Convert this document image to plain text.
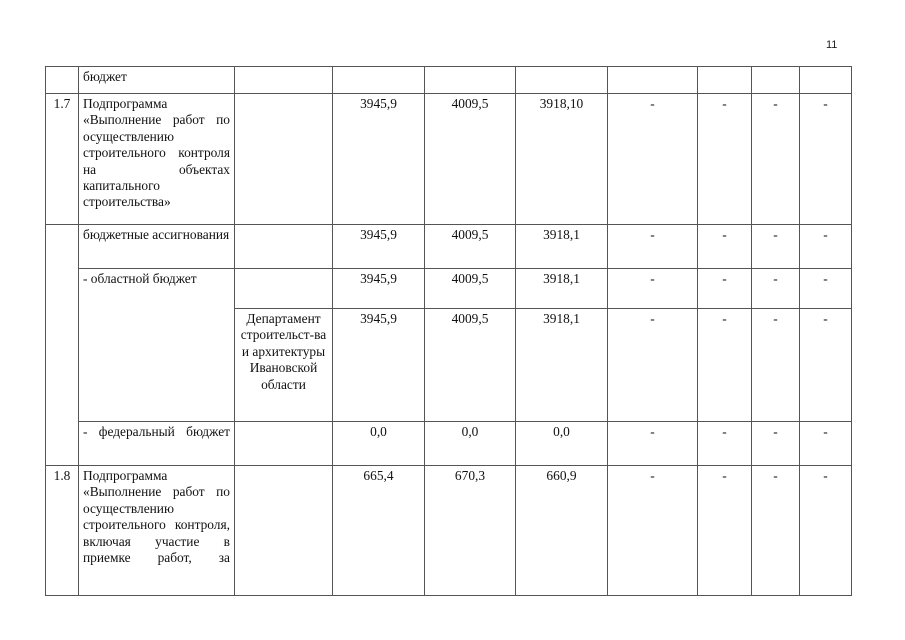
11
	бюджет								
1.7	Подпрограмма «Выполнение работ по осуществлению строительного контроля на объектах капитального строительства»		3945,9	4009,5	3918,10	-	-	-	-
	бюджетные ассигнования		3945,9	4009,5	3918,1	-	-	-	-
	- областной бюджет		3945,9	4009,5	3918,1	-	-	-	-
		Департамент строительст-ва и архитектуры Ивановской области	3945,9	4009,5	3918,1	-	-	-	-
	- федеральный бюджет		0,0	0,0	0,0	-	-	-	-
1.8	Подпрограмма «Выполнение работ по осуществлению строительного контроля, включая участие в приемке работ, за		665,4	670,3	660,9	-	-	-	-
